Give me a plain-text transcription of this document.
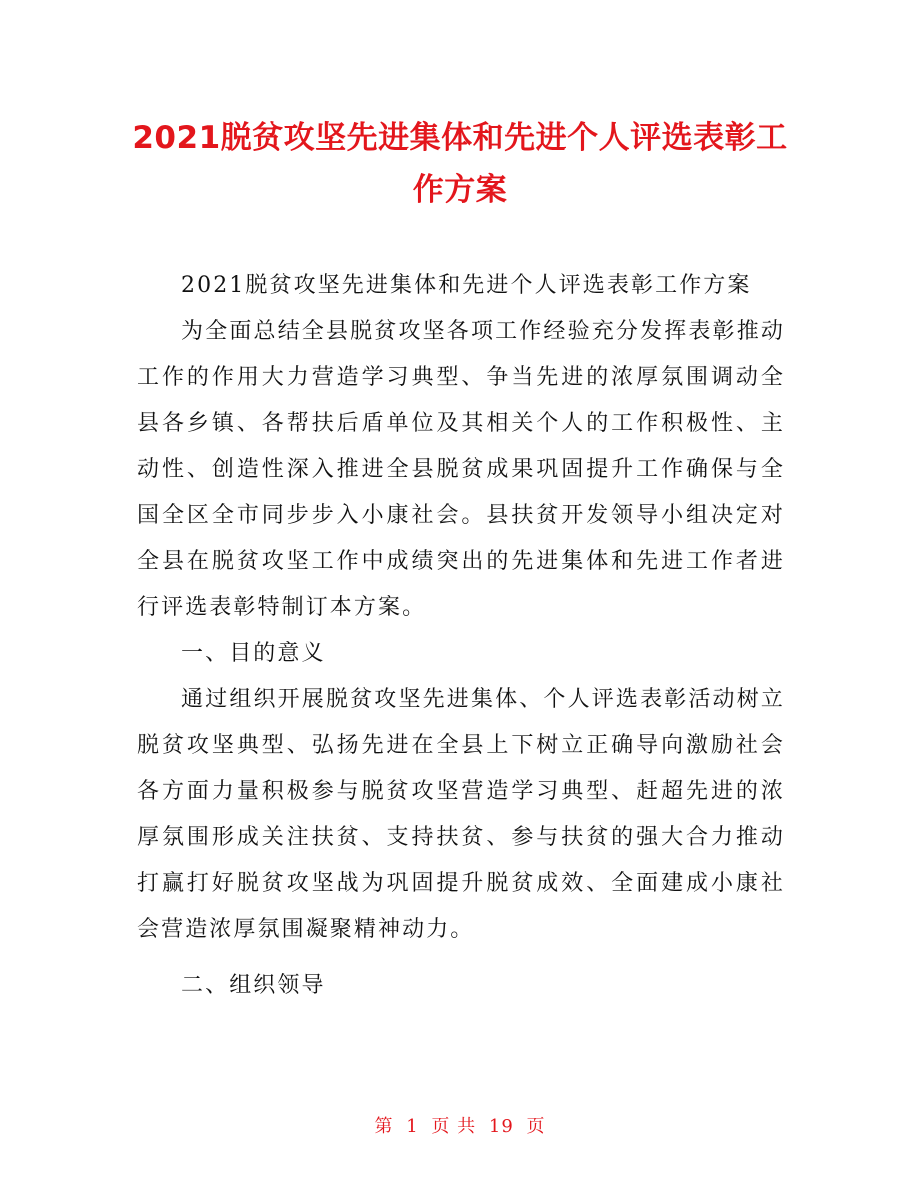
2021脱贫攻坚先进集体和先进个人评选表彰工作方案

2021脱贫攻坚先进集体和先进个人评选表彰工作方案

为全面总结全县脱贫攻坚各项工作经验充分发挥表彰推动工作的作用大力营造学习典型、争当先进的浓厚氛围调动全县各乡镇、各帮扶后盾单位及其相关个人的工作积极性、主动性、创造性深入推进全县脱贫成果巩固提升工作确保与全国全区全市同步步入小康社会。县扶贫开发领导小组决定对全县在脱贫攻坚工作中成绩突出的先进集体和先进工作者进行评选表彰特制订本方案。

一、目的意义

通过组织开展脱贫攻坚先进集体、个人评选表彰活动树立脱贫攻坚典型、弘扬先进在全县上下树立正确导向激励社会各方面力量积极参与脱贫攻坚营造学习典型、赶超先进的浓厚氛围形成关注扶贫、支持扶贫、参与扶贫的强大合力推动打赢打好脱贫攻坚战为巩固提升脱贫成效、全面建成小康社会营造浓厚氛围凝聚精神动力。

二、组织领导

第 1 页 共 19 页
